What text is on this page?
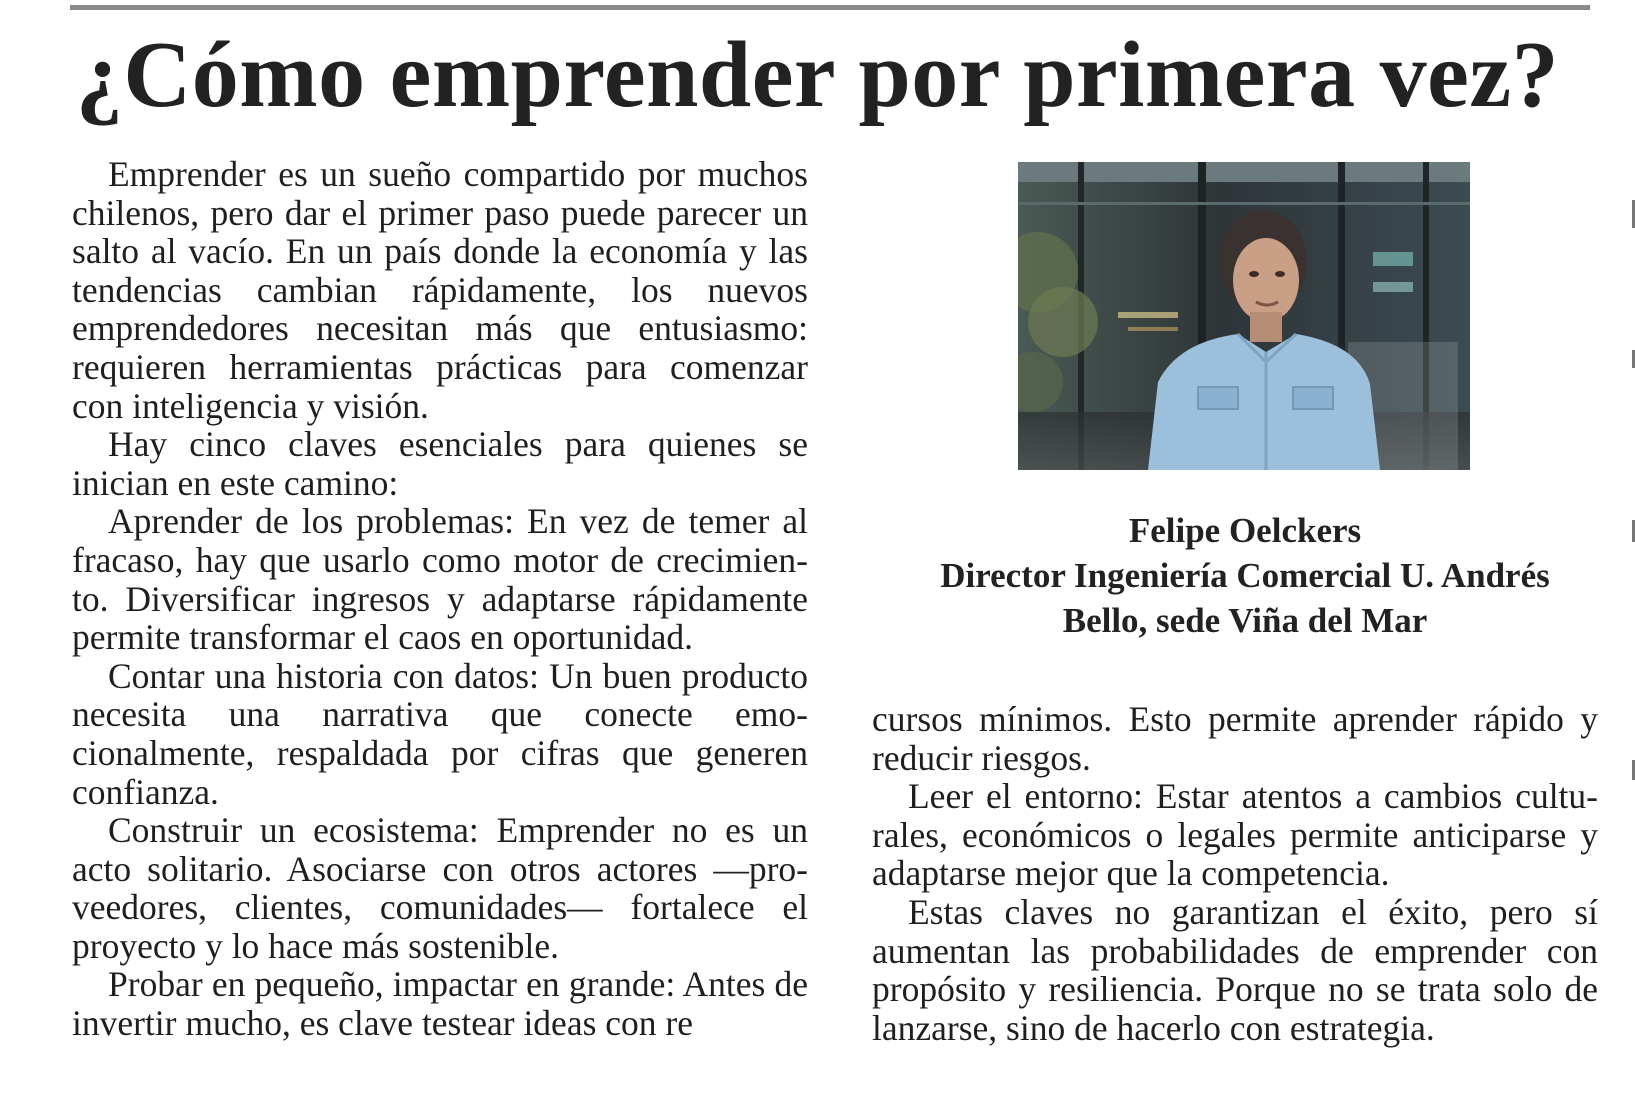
¿Cómo emprender por primera vez?

Emprender es un sueño compartido por muchos chilenos, pero dar el primer paso puede parecer un salto al vacío. En un país donde la economía y las tendencias cambian rápidamente, los nuevos emprendedores necesitan más que entusiasmo: requieren herramientas prácticas para comenzar con inteligencia y visión.

Hay cinco claves esenciales para quienes se inician en este camino:

Aprender de los problemas: En vez de temer al fracaso, hay que usarlo como motor de crecimiento. Diversificar ingresos y adaptarse rápidamente permite transformar el caos en oportunidad.

Contar una historia con datos: Un buen producto necesita una narrativa que conecte emocionalmente, respaldada por cifras que generen confianza.

Construir un ecosistema: Emprender no es un acto solitario. Asociarse con otros actores —proveedores, clientes, comunidades— fortalece el proyecto y lo hace más sostenible.

Probar en pequeño, impactar en grande: Antes de invertir mucho, es clave testear ideas con re

Felipe Oelckers
Director Ingeniería Comercial U. Andrés
Bello, sede Viña del Mar

cursos mínimos. Esto permite aprender rápido y reducir riesgos.

Leer el entorno: Estar atentos a cambios culturales, económicos o legales permite anticiparse y adaptarse mejor que la competencia.

Estas claves no garantizan el éxito, pero sí aumentan las probabilidades de emprender con propósito y resiliencia. Porque no se trata solo de lanzarse, sino de hacerlo con estrategia.
